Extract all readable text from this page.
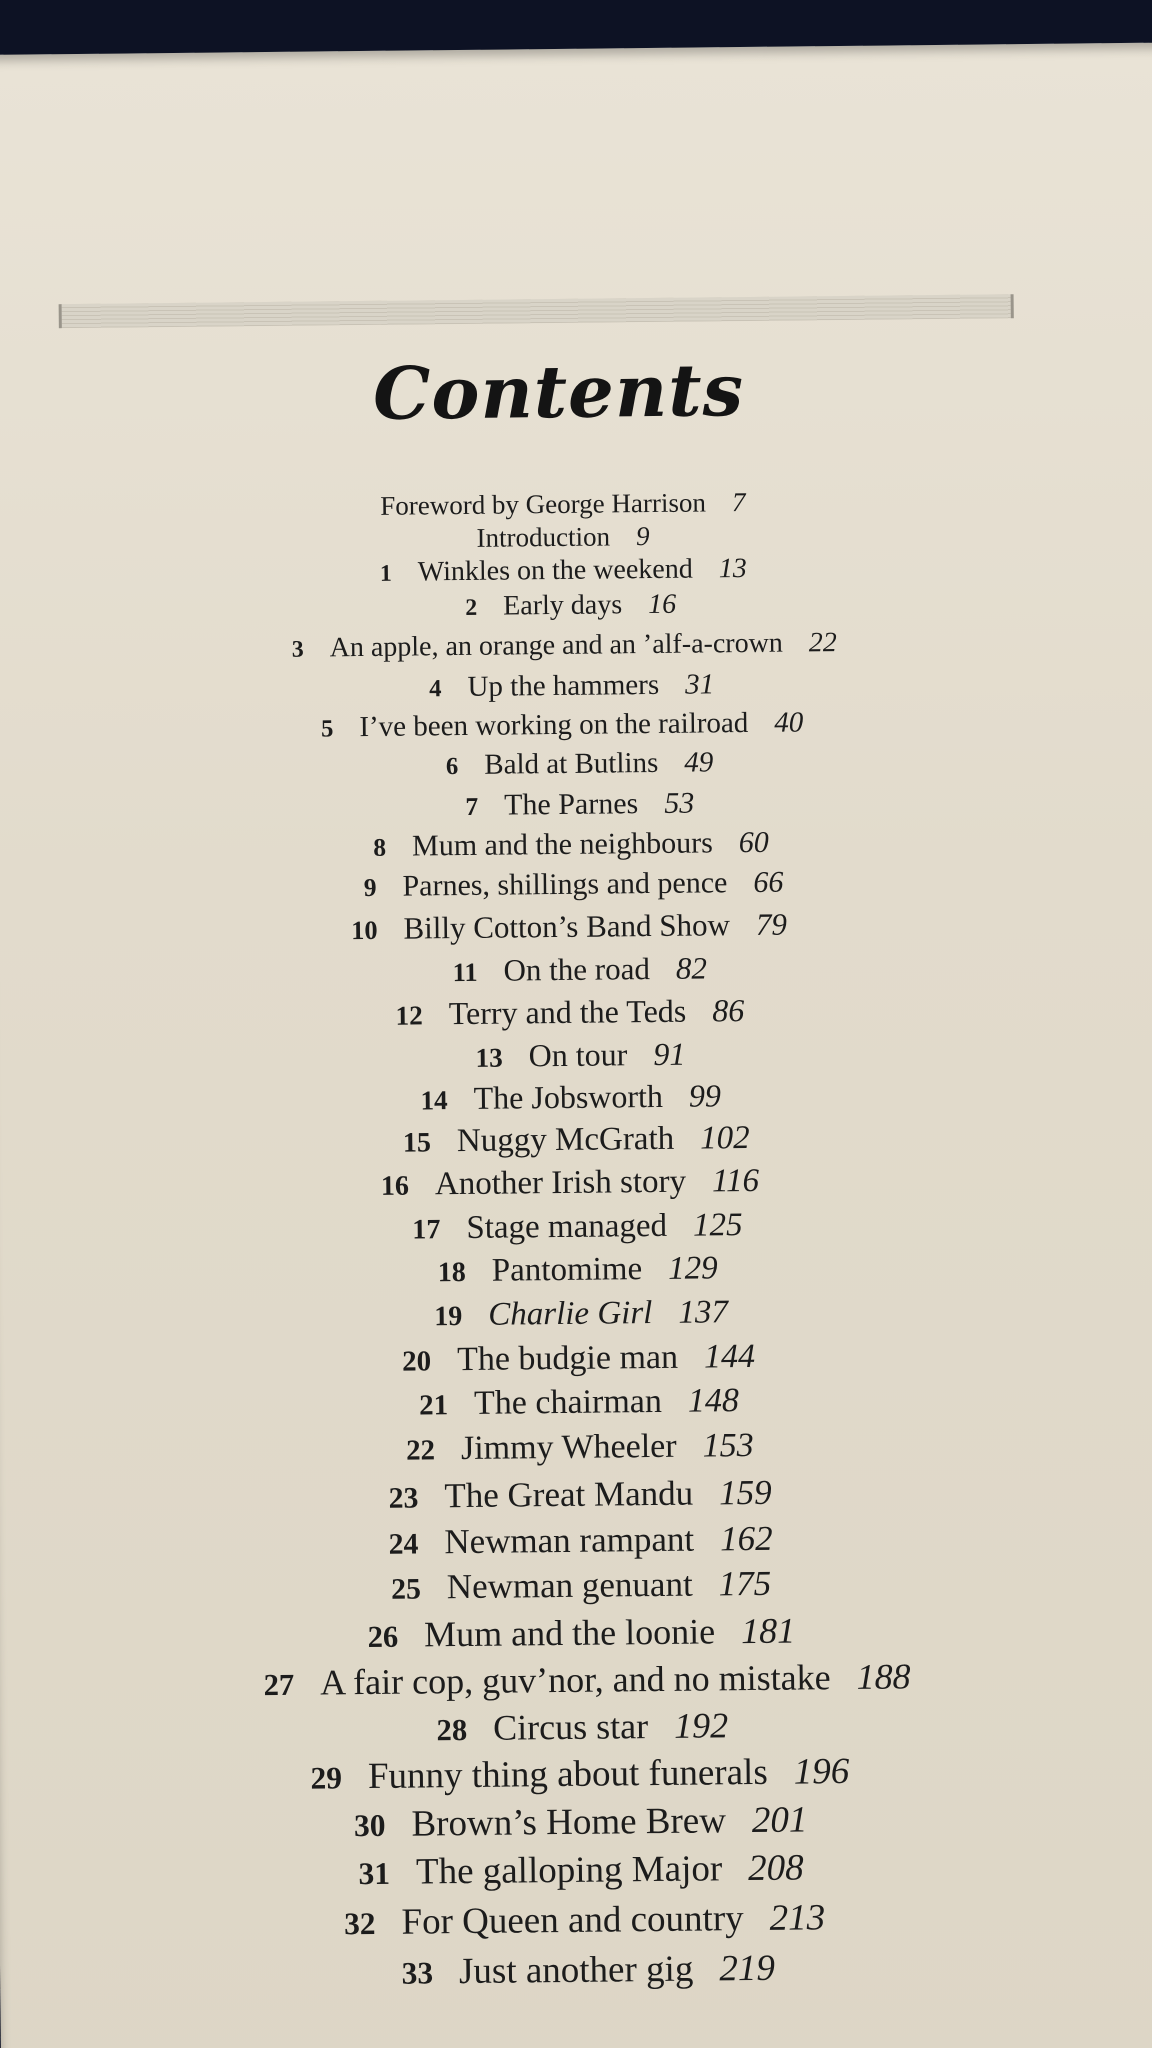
Contents
Foreword by George Harrison 7
Introduction 9
1 Winkles on the weekend 13
2 Early days 16
3 An apple, an orange and an ’alf-a-crown 22
4 Up the hammers 31
5 I’ve been working on the railroad 40
6 Bald at Butlins 49
7 The Parnes 53
8 Mum and the neighbours 60
9 Parnes, shillings and pence 66
10 Billy Cotton’s Band Show 79
11 On the road 82
12 Terry and the Teds 86
13 On tour 91
14 The Jobsworth 99
15 Nuggy McGrath 102
16 Another Irish story 116
17 Stage managed 125
18 Pantomime 129
19 Charlie Girl 137
20 The budgie man 144
21 The chairman 148
22 Jimmy Wheeler 153
23 The Great Mandu 159
24 Newman rampant 162
25 Newman genuant 175
26 Mum and the loonie 181
27 A fair cop, guv’nor, and no mistake 188
28 Circus star 192
29 Funny thing about funerals 196
30 Brown’s Home Brew 201
31 The galloping Major 208
32 For Queen and country 213
33 Just another gig 219
